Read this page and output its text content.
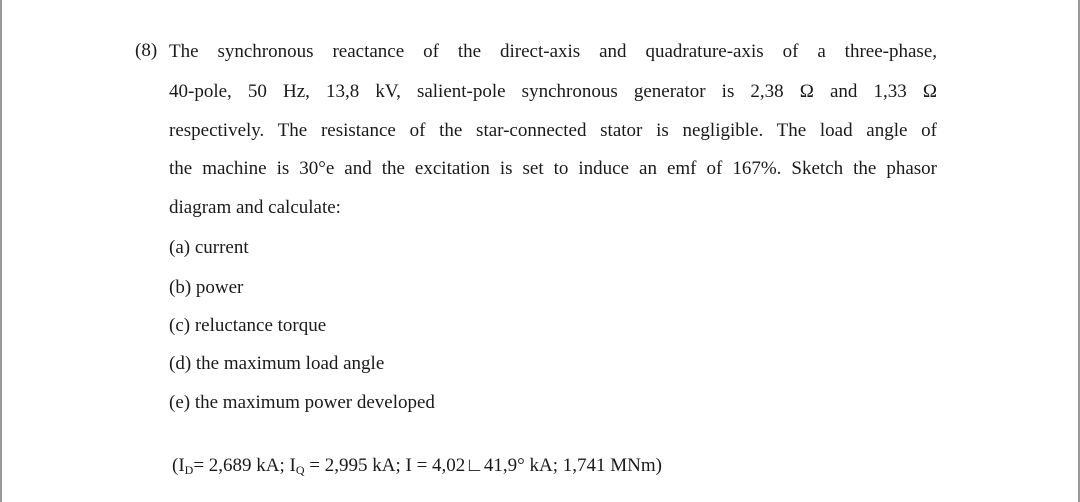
(8) The synchronous reactance of the direct-axis and quadrature-axis of a three-phase,
40-pole, 50 Hz, 13,8 kV, salient-pole synchronous generator is 2,38 Ω and 1,33 Ω
respectively. The resistance of the star-connected stator is negligible. The load angle of
the machine is 30°e and the excitation is set to induce an emf of 167%. Sketch the phasor
diagram and calculate:
(a) current
(b) power
(c) reluctance torque
(d) the maximum load angle
(e) the maximum power developed
($I_D= 2,689$ kA; $I_Q = 2,995$ kA; I = 4,02∟41,9° kA; 1,741 MNm)
